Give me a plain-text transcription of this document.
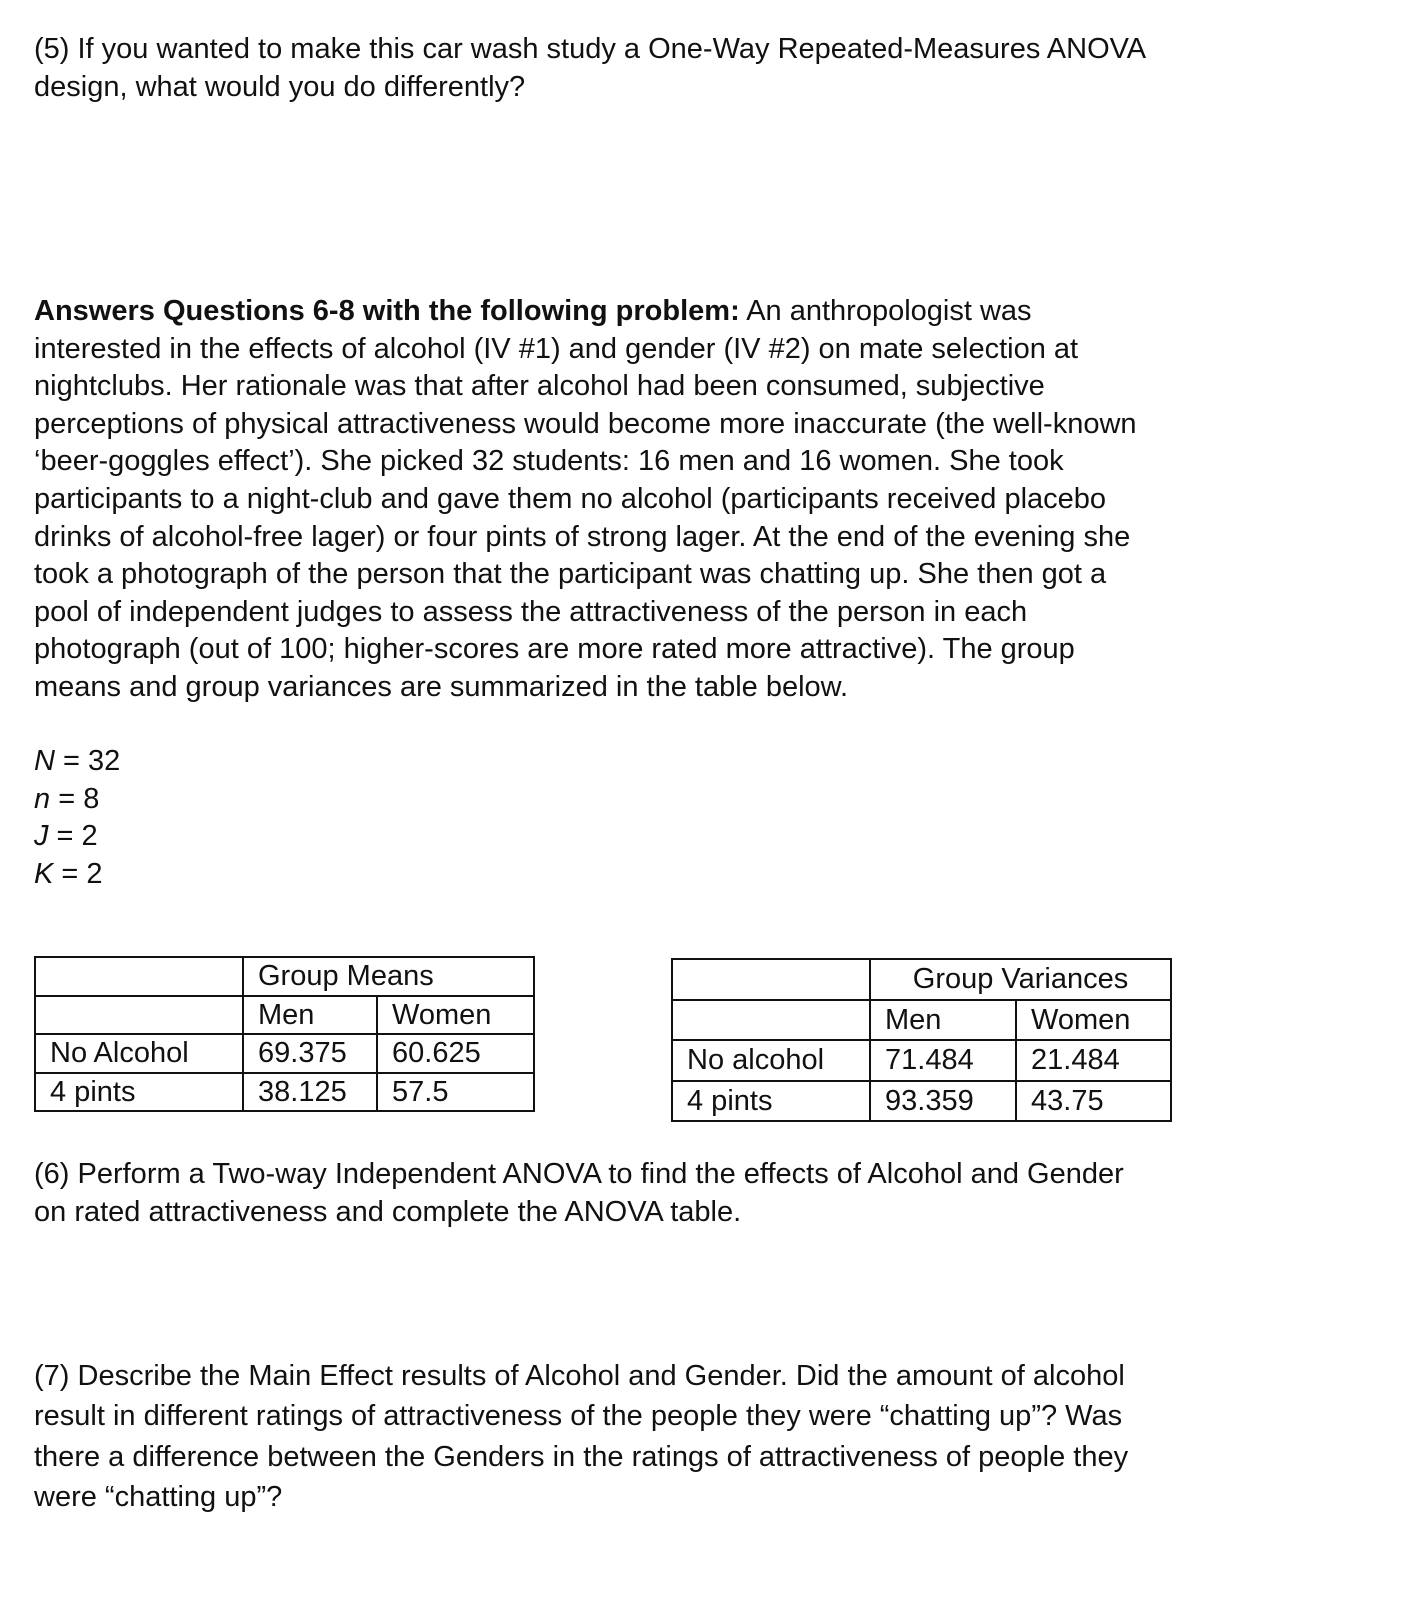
(5) If you wanted to make this car wash study a One-Way Repeated-Measures ANOVA
design, what would you do differently?
Answers Questions 6-8 with the following problem: An anthropologist was
interested in the effects of alcohol (IV #1) and gender (IV #2) on mate selection at
nightclubs. Her rationale was that after alcohol had been consumed, subjective
perceptions of physical attractiveness would become more inaccurate (the well-known
‘beer-goggles effect’). She picked 32 students: 16 men and 16 women. She took
participants to a night-club and gave them no alcohol (participants received placebo
drinks of alcohol-free lager) or four pints of strong lager. At the end of the evening she
took a photograph of the person that the participant was chatting up. She then got a
pool of independent judges to assess the attractiveness of the person in each
photograph (out of 100; higher-scores are more rated more attractive). The group
means and group variances are summarized in the table below.
N = 32
n = 8
J = 2
K = 2
	Group Means	
	Men	Women
No Alcohol	69.375	60.625
4 pints	38.125	57.5
	Group Variances	
	Men	Women
No alcohol	71.484	21.484
4 pints	93.359	43.75
(6) Perform a Two-way Independent ANOVA to find the effects of Alcohol and Gender
on rated attractiveness and complete the ANOVA table.
(7) Describe the Main Effect results of Alcohol and Gender. Did the amount of alcohol
result in different ratings of attractiveness of the people they were “chatting up”? Was
there a difference between the Genders in the ratings of attractiveness of people they
were “chatting up”?
